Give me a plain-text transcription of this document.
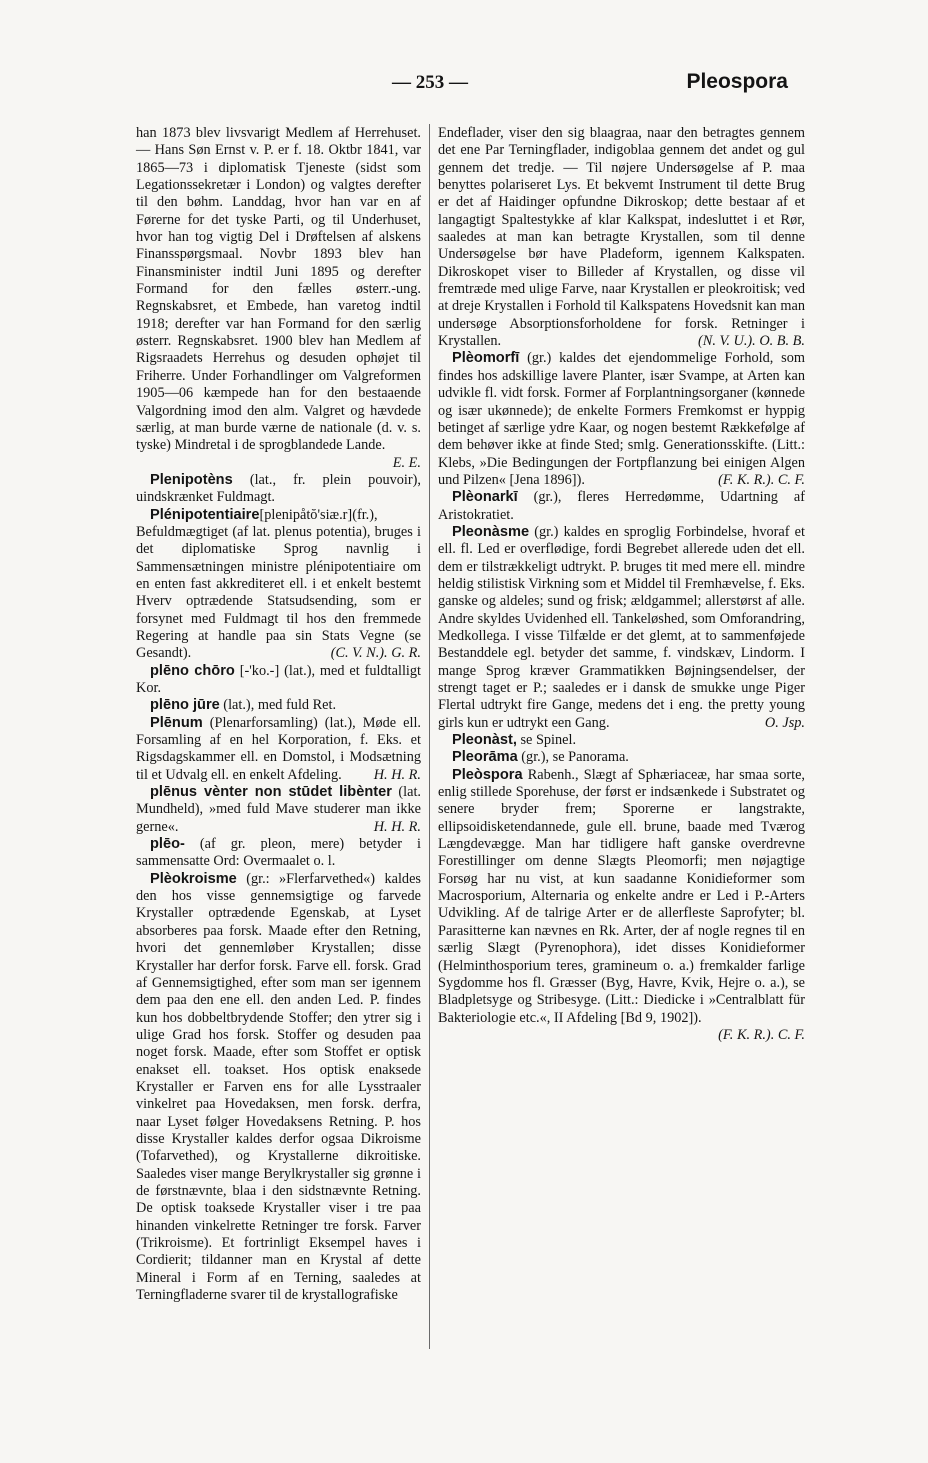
— 253 —	Pleospora

han 1873 blev livsvarigt Medlem af Herrehuset. — Hans Søn Ernst v. P. er f. 18. Oktbr 1841, var 1865—73 i diplomatisk Tjeneste (sidst som Legationssekretær i London) og valgtes derefter til den bøhm. Landdag, hvor han var en af Førerne for det tyske Parti, og til Underhuset, hvor han tog vigtig Del i Drøftelsen af alskens Finansspørgsmaal. Novbr 1893 blev han Finansminister indtil Juni 1895 og derefter Formand for den fælles østerr.-ung. Regnskabsret, et Embede, han varetog indtil 1918; derefter var han Formand for den særlig østerr. Regnskabsret. 1900 blev han Medlem af Rigsraadets Herrehus og desuden ophøjet til Friherre. Under Forhandlinger om Valgreformen 1905—06 kæmpede han for den bestaaende Valgordning imod den alm. Valgret og hævdede særlig, at man burde værne de nationale (d. v. s. tyske) Mindretal i de sprogblandede Lande.
E. E.

Plenipotèns (lat., fr. plein pouvoir), uindskrænket Fuldmagt.

Plénipotentiaire[plenipåtŏ'siæ.r](fr.), Befuldmægtiget (af lat. plenus potentia), bruges i det diplomatiske Sprog navnlig i Sammensætningen ministre plénipotentiaire om en enten fast akkrediteret ell. i et enkelt bestemt Hverv optrædende Statsudsending, som er forsynet med Fuldmagt til hos den fremmede Regering at handle paa sin Stats Vegne (se Gesandt).	(C. V. N.). G. R.

plēno chōro [-'ko.-] (lat.), med et fuldtalligt Kor.

plēno jūre (lat.), med fuld Ret.

Plēnum (Plenarforsamling) (lat.), Møde ell. Forsamling af en hel Korporation, f. Eks. et Rigsdagskammer ell. en Domstol, i Modsætning til et Udvalg ell. en enkelt Afdeling.	H. H. R.

plēnus vènter non stūdet libènter (lat. Mundheld), »med fuld Mave studerer man ikke gerne«.	H. H. R.

plēo- (af gr. pleon, mere) betyder i sammensatte Ord: Overmaalet o. l.

Plèokroisme (gr.: »Flerfarvethed«) kaldes den hos visse gennemsigtige og farvede Krystaller optrædende Egenskab, at Lyset absorberes paa forsk. Maade efter den Retning, hvori det gennemløber Krystallen; disse Krystaller har derfor forsk. Farve ell. forsk. Grad af Gennemsigtighed, efter som man ser igennem dem paa den ene ell. den anden Led. P. findes kun hos dobbeltbrydende Stoffer; den ytrer sig i ulige Grad hos forsk. Stoffer og desuden paa noget forsk. Maade, efter som Stoffet er optisk enakset ell. toakset. Hos optisk enaksede Krystaller er Farven ens for alle Lysstraaler vinkelret paa Hovedaksen, men forsk. derfra, naar Lyset følger Hovedaksens Retning. P. hos disse Krystaller kaldes derfor ogsaa Dikroisme (Tofarvethed), og Krystallerne dikroitiske. Saaledes viser mange Berylkrystaller sig grønne i de førstnævnte, blaa i den sidstnævnte Retning. De optisk toaksede Krystaller viser i tre paa hinanden vinkelrette Retninger tre forsk. Farver (Trikroisme). Et fortrinligt Eksempel haves i Cordierit; tildanner man en Krystal af dette Mineral i Form af en Terning, saaledes at Terningfladerne svarer til de krystallografiske

Endeflader, viser den sig blaagraa, naar den betragtes gennem det ene Par Terningflader, indigoblaa gennem det andet og gul gennem det tredje. — Til nøjere Undersøgelse af P. maa benyttes polariseret Lys. Et bekvemt Instrument til dette Brug er det af Haidinger opfundne Dikroskop; dette bestaar af et langagtigt Spaltestykke af klar Kalkspat, indesluttet i et Rør, saaledes at man kan betragte Krystallen, som til denne Undersøgelse bør have Pladeform, igennem Kalkspaten. Dikroskopet viser to Billeder af Krystallen, og disse vil fremtræde med ulige Farve, naar Krystallen er pleokroitisk; ved at dreje Krystallen i Forhold til Kalkspatens Hovedsnit kan man undersøge Absorptionsforholdene for forsk. Retninger i Krystallen.	(N. V. U.). O. B. B.

Plèomorfī (gr.) kaldes det ejendommelige Forhold, som findes hos adskillige lavere Planter, især Svampe, at Arten kan udvikle fl. vidt forsk. Former af Forplantningsorganer (kønnede og især ukønnede); de enkelte Formers Fremkomst er hyppig betinget af særlige ydre Kaar, og nogen bestemt Rækkefølge af dem behøver ikke at finde Sted; smlg. Generationsskifte. (Litt.: Klebs, »Die Bedingungen der Fortpflanzung bei einigen Algen und Pilzen« [Jena 1896]).	(F. K. R.). C. F.

Plèonarkī (gr.), fleres Herredømme, Udartning af Aristokratiet.

Pleonàsme (gr.) kaldes en sproglig Forbindelse, hvoraf et ell. fl. Led er overflødige, fordi Begrebet allerede uden det ell. dem er tilstrækkeligt udtrykt. P. bruges tit med mere ell. mindre heldig stilistisk Virkning som et Middel til Fremhævelse, f. Eks. ganske og aldeles; sund og frisk; ældgammel; allerstørst af alle. Andre skyldes Uvidenhed ell. Tankeløshed, som Omforandring, Medkollega. I visse Tilfælde er det glemt, at to sammenføjede Bestanddele egl. betyder det samme, f. vindskæv, Lindorm. I mange Sprog kræver Grammatikken Bøjningsendelser, der strengt taget er P.; saaledes er i dansk de smukke unge Piger Flertal udtrykt fire Gange, medens det i eng. the pretty young girls kun er udtrykt een Gang.	O. Jsp.

Pleonàst, se Spinel.

Pleorāma (gr.), se Panorama.

Pleòspora Rabenh., Slægt af Sphæriaceæ, har smaa sorte, enlig stillede Sporehuse, der først er indsænkede i Substratet og senere bryder frem; Sporerne er langstrakte, ellipsoidisketendannede, gule ell. brune, baade med Tværog Længdevægge. Man har tidligere haft ganske overdrevne Forestillinger om denne Slægts Pleomorfi; men nøjagtige Forsøg har nu vist, at kun saadanne Konidieformer som Macrosporium, Alternaria og enkelte andre er Led i P.-Arters Udvikling. Af de talrige Arter er de allerfleste Saprofyter; bl. Parasitterne kan nævnes en Rk. Arter, der af nogle regnes til en særlig Slægt (Pyrenophora), idet disses Konidieformer (Helminthosporium teres, gramineum o. a.) fremkalder farlige Sygdomme hos fl. Græsser (Byg, Havre, Kvik, Hejre o. a.), se Bladpletsyge og Stribesyge. (Litt.: Diedicke i »Centralblatt für Bakteriologie etc.«, II Afdeling [Bd 9, 1902]).
(F. K. R.). C. F.
